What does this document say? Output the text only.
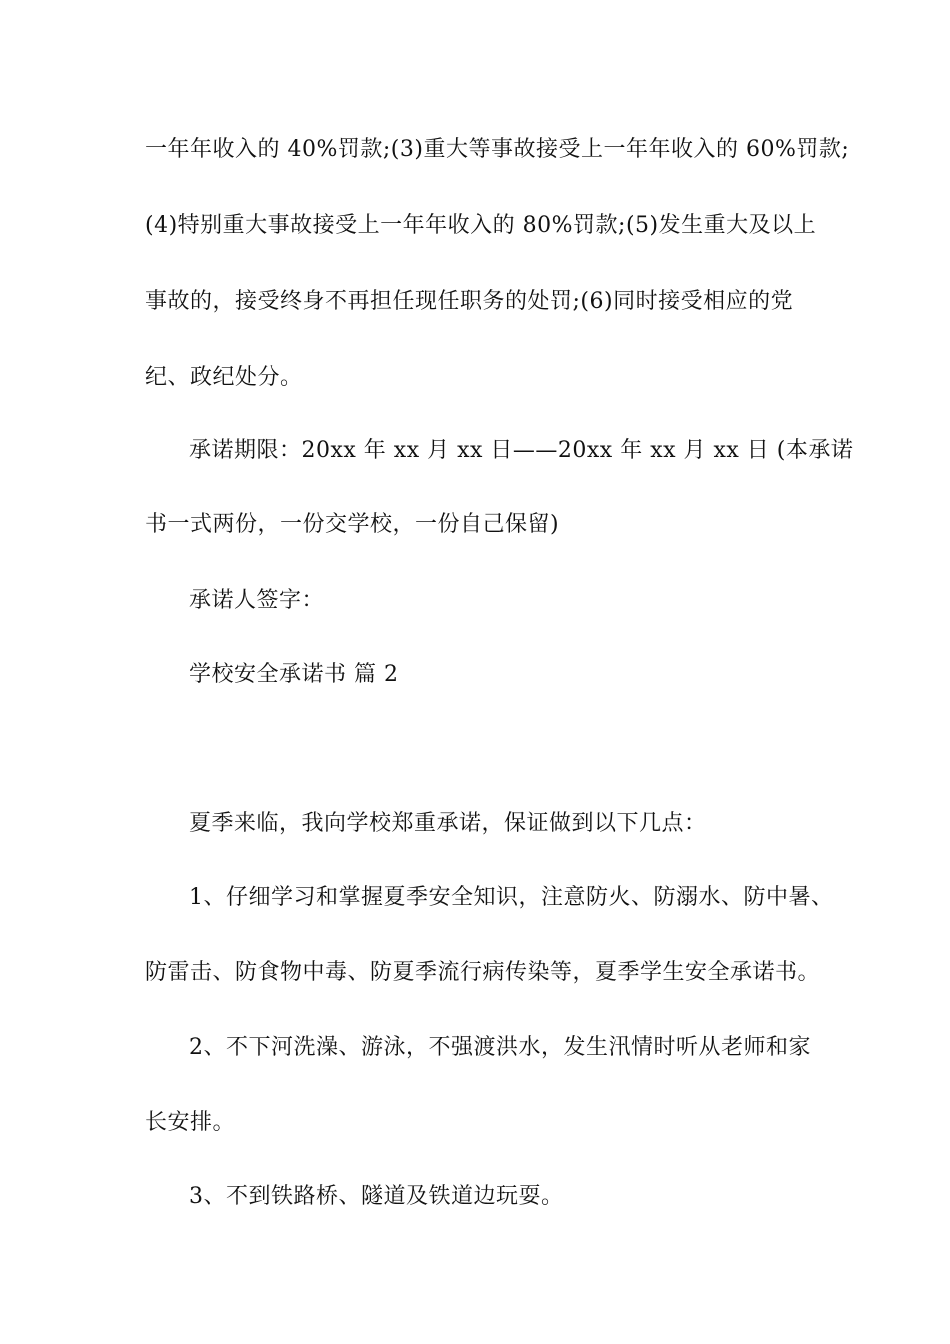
一年年收入的 40%罚款;(3)重大等事故接受上一年年收入的 60%罚款;
(4)特别重大事故接受上一年年收入的 80%罚款;(5)发生重大及以上
事故的，接受终身不再担任现任职务的处罚;(6)同时接受相应的党
纪、政纪处分。
承诺期限：20xx 年 xx 月 xx 日——20xx 年 xx 月 xx 日 (本承诺
书一式两份，一份交学校，一份自己保留)
承诺人签字：
学校安全承诺书 篇 2
夏季来临，我向学校郑重承诺，保证做到以下几点：
1、仔细学习和掌握夏季安全知识，注意防火、防溺水、防中暑、
防雷击、防食物中毒、防夏季流行病传染等，夏季学生安全承诺书。
2、不下河洗澡、游泳，不强渡洪水，发生汛情时听从老师和家
长安排。
3、不到铁路桥、隧道及铁道边玩耍。
